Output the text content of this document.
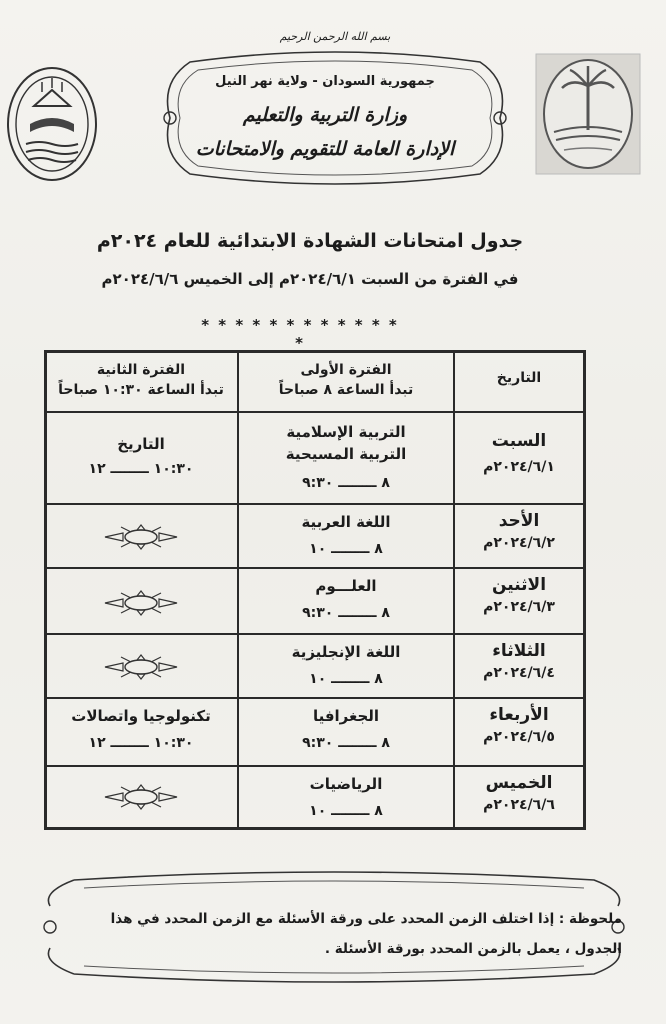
بسم الله الرحمن الرحيم
جمهورية السودان - ولاية نهر النيل
وزارة التربية والتعليم
الإدارة العامة للتقويم والامتحانات
جدول امتحانات الشهادة الابتدائية للعام ٢٠٢٤م
في الفترة من السبت ٢٠٢٤/٦/١م إلى الخميس ٢٠٢٤/٦/٦م
* * * * * * * * * * * * *
التاريخ
الفترة الأولى
تبدأ الساعة ٨ صباحاً
الفترة الثانية
تبدأ الساعة ١٠:٣٠ صباحاً
السبت
٢٠٢٤/٦/١م
التربية الإسلامية
التربية المسيحية
٨ ــــــــ ٩:٣٠
التاريخ
١٠:٣٠ ــــــــ ١٢
الأحد
٢٠٢٤/٦/٢م
اللغة العربية
٨ ــــــــ ١٠
الاثنين
٢٠٢٤/٦/٣م
العلـــوم
٨ ــــــــ ٩:٣٠
الثلاثاء
٢٠٢٤/٦/٤م
اللغة الإنجليزية
٨ ــــــــ ١٠
الأربعاء
٢٠٢٤/٦/٥م
الجغرافيا
٨ ــــــــ ٩:٣٠
تكنولوجيا واتصالات
١٠:٣٠ ــــــــ ١٢
الخميس
٢٠٢٤/٦/٦م
الرياضيات
٨ ــــــــ ١٠
ملحوظة : إذا اختلف الزمن المحدد على ورقة الأسئلة مع الزمن المحدد في هذا
الجدول ، يعمل بالزمن المحدد بورقة الأسئلة .
